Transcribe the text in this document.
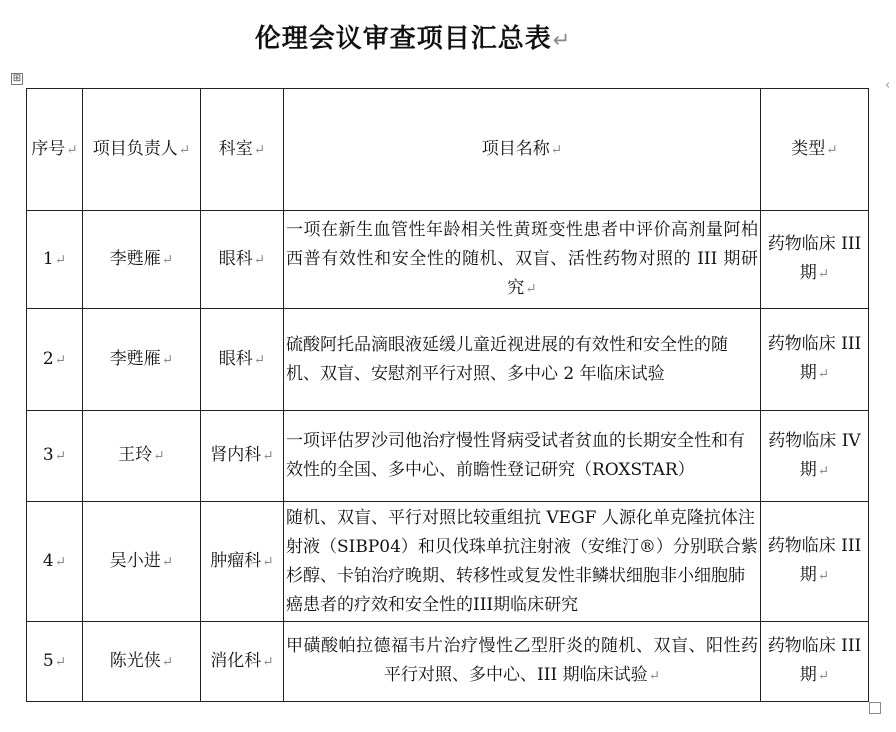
伦理会议审查项目汇总表↵
⊞	‹
序号↵	项目负责人↵	科室↵	项目名称↵	类型↵
1↵	李甦雁↵	眼科↵	一项在新生血管性年龄相关性黄斑变性患者中评价高剂量阿柏西普有效性和安全性的随机、双盲、活性药物对照的 III 期研究↵	药物临床 III 期↵
2↵	李甦雁↵	眼科↵	硫酸阿托品滴眼液延缓儿童近视进展的有效性和安全性的随机、双盲、安慰剂平行对照、多中心 2 年临床试验	药物临床 III 期↵
3↵	王玲↵	肾内科↵	一项评估罗沙司他治疗慢性肾病受试者贫血的长期安全性和有效性的全国、多中心、前瞻性登记研究（ROXSTAR）	药物临床 IV 期↵
4↵	吴小进↵	肿瘤科↵	随机、双盲、平行对照比较重组抗 VEGF 人源化单克隆抗体注射液（SIBP04）和贝伐珠单抗注射液（安维汀®）分别联合紫杉醇、卡铂治疗晚期、转移性或复发性非鳞状细胞非小细胞肺癌患者的疗效和安全性的III期临床研究	药物临床 III 期↵
5↵	陈光侠↵	消化科↵	甲磺酸帕拉德福韦片治疗慢性乙型肝炎的随机、双盲、阳性药平行对照、多中心、III 期临床试验↵	药物临床 III 期↵
